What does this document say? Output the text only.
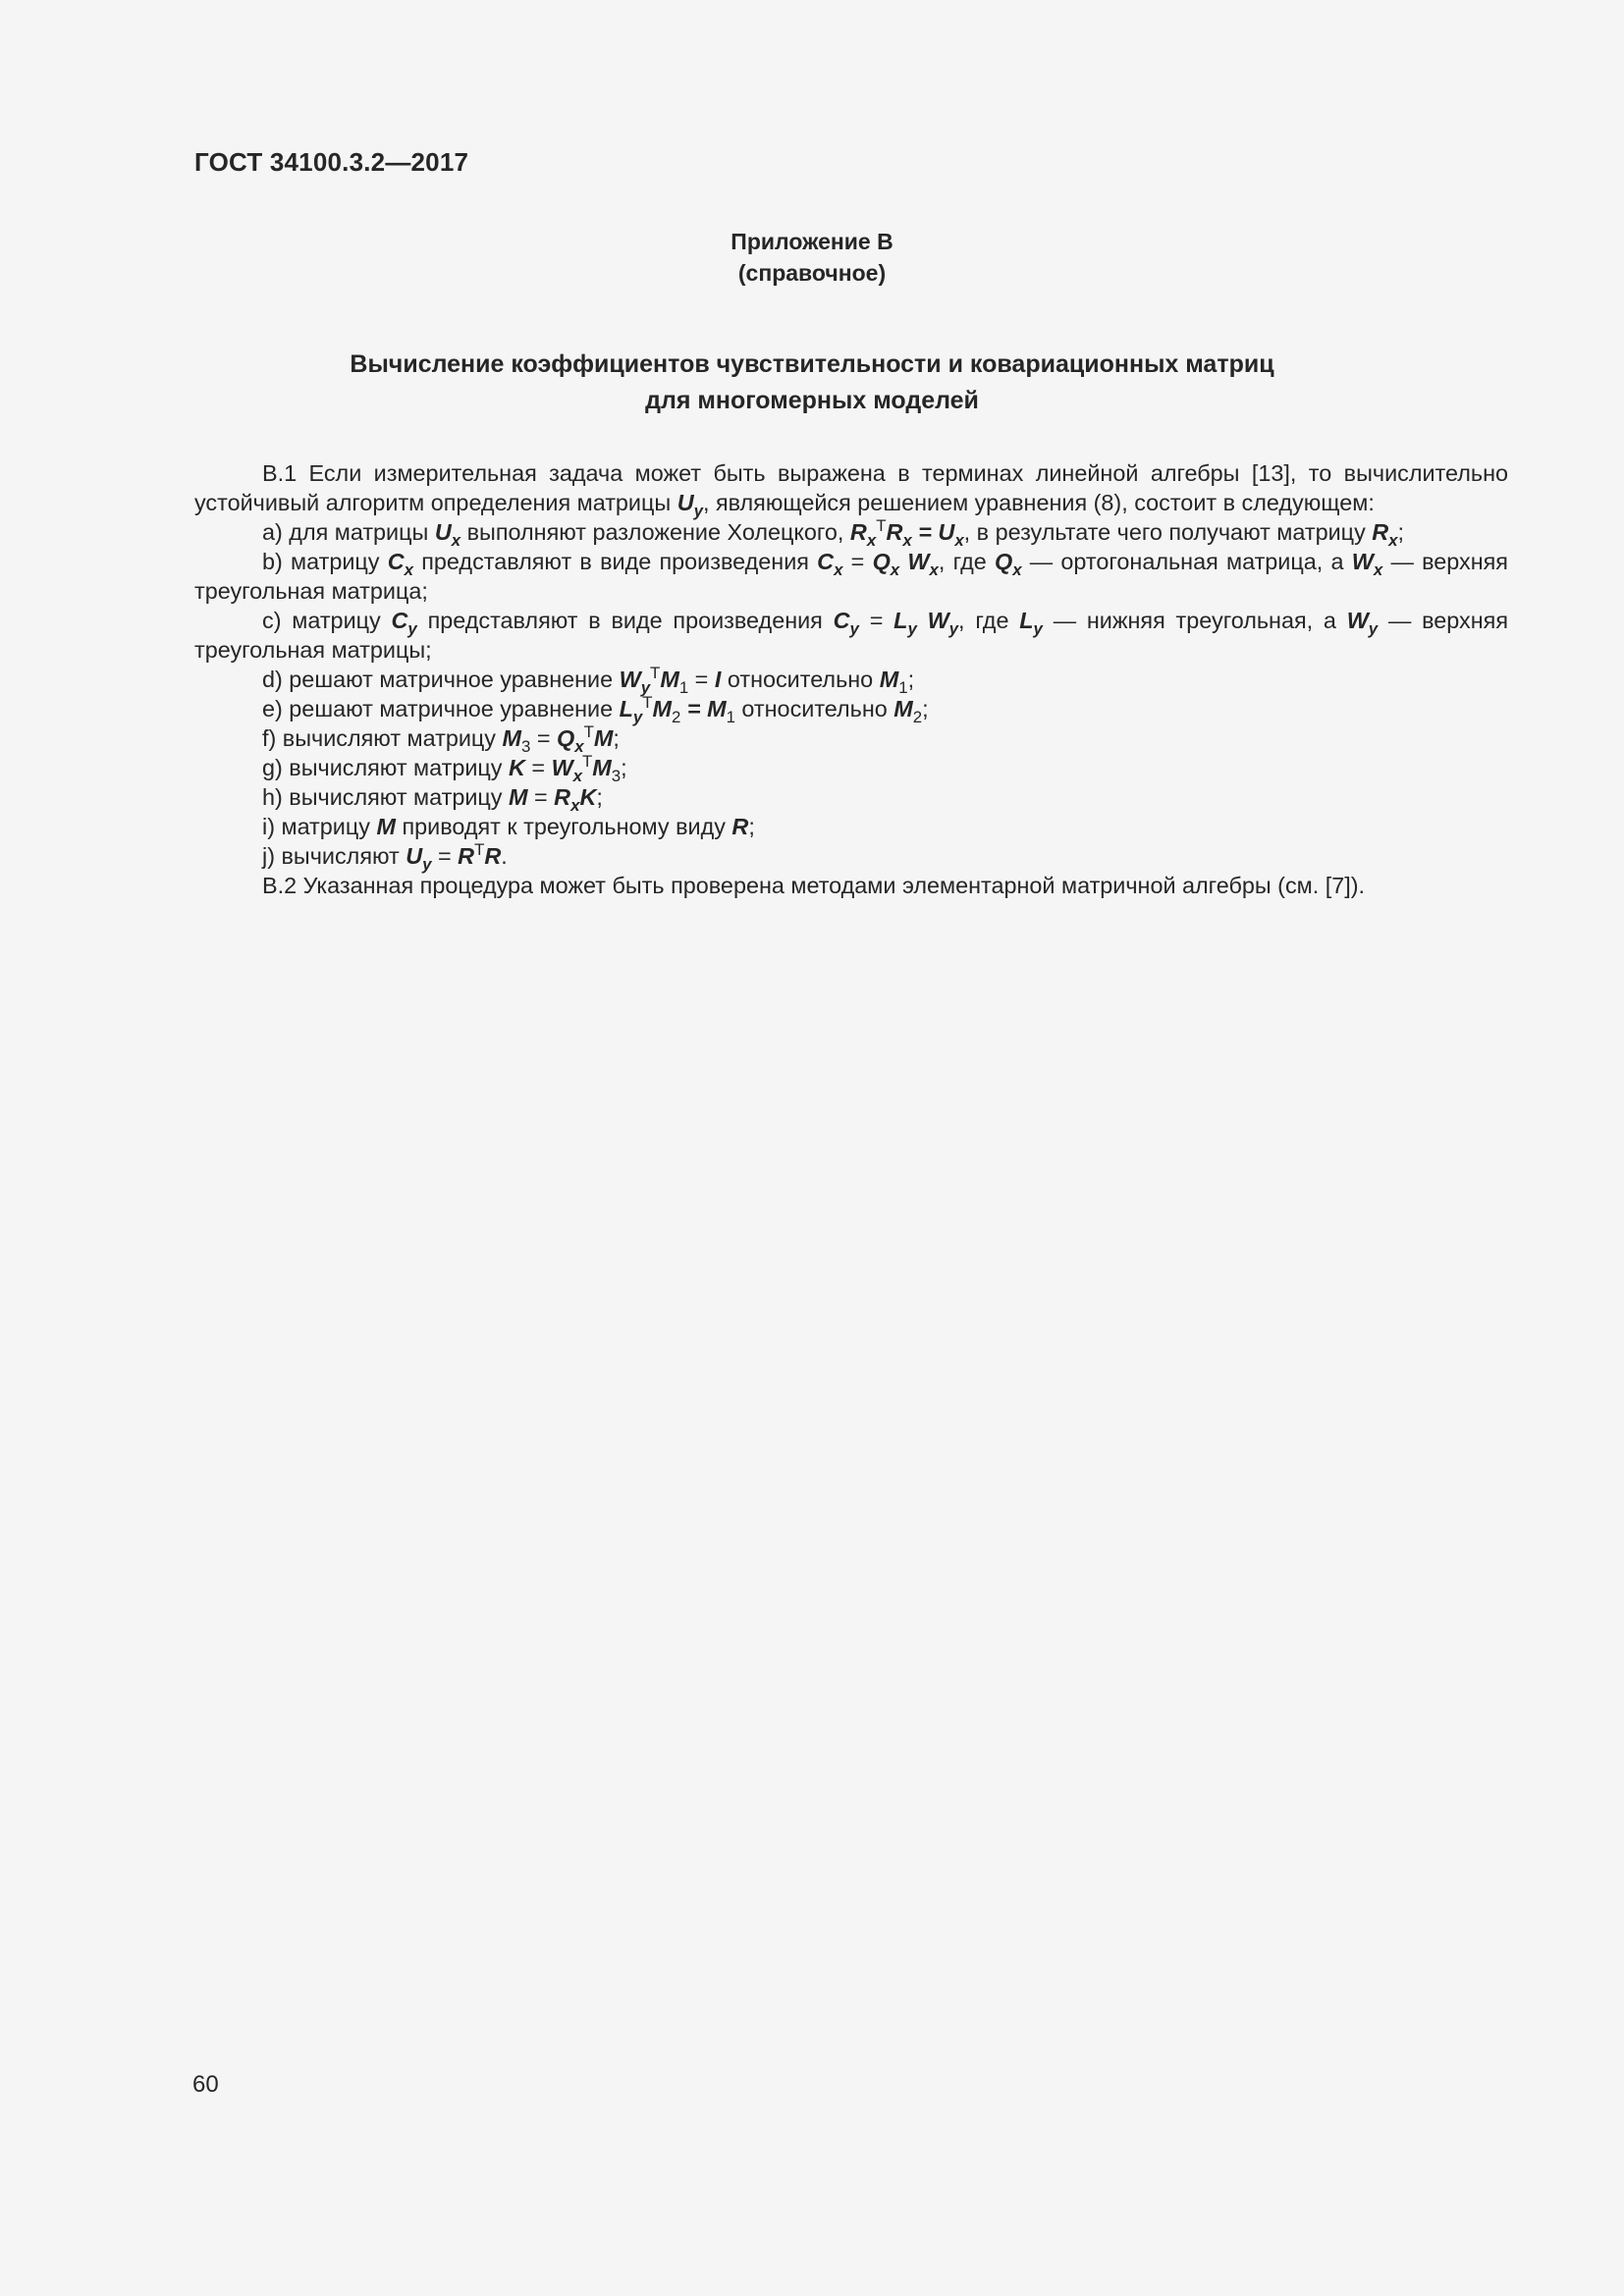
ГОСТ 34100.3.2—2017
Приложение B
(справочное)
Вычисление коэффициентов чувствительности и ковариационных матриц
для многомерных моделей

B.1 Если измерительная задача может быть выражена в терминах линейной алгебры [13], то вычислительно устойчивый алгоритм определения матрицы $U_y$, являющейся решением уравнения (8), состоит в следующем:

a) для матрицы $U_x$ выполняют разложение Холецкого, $R_x^TR_x = U_x$, в результате чего получают матрицу $R_x$;

b) матрицу $C_x$ представляют в виде произведения $C_x = Q_x$ $W_x$, где $Q_x$ — ортогональная матрица, а $W_x$ — верхняя треугольная матрица;

c) матрицу $C_y$ представляют в виде произведения $C_y = L_y$ $W_y$, где $L_y$ — нижняя треугольная, а $W_y$ — верхняя треугольная матрицы;

d) решают матричное уравнение $W_y^TM_1 = I$ относительно $M_1$;

e) решают матричное уравнение $L_y^TM_2 = M_1$ относительно $M_2$;

f) вычисляют матрицу $M_3 = Q_x^TM$;

g) вычисляют матрицу $K = W_x^TM_3$;

h) вычисляют матрицу $M = R_xK$;

i) матрицу M приводят к треугольному виду R;

j) вычисляют $U_y = R^TR$.

B.2 Указанная процедура может быть проверена методами элементарной матричной алгебры (см. [7]).

60
